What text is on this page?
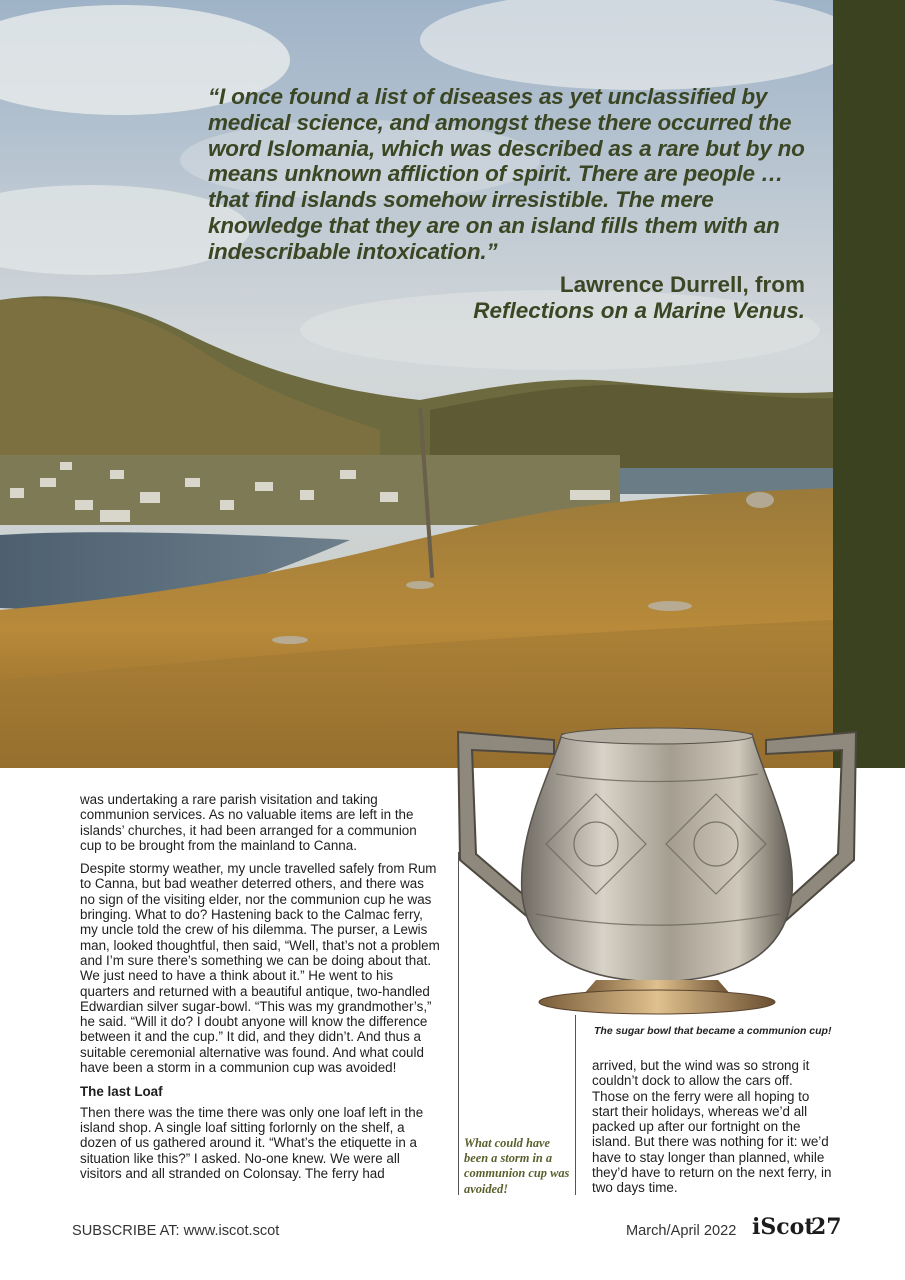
“I once found a list of diseases as yet unclassified by medical science, and amongst these there occurred the word Islomania, which was described as a rare but by no means unknown affliction of spirit. There are people … that find islands somehow irresistible. The mere knowledge that they are on an island fills them with an indescribable intoxication.”

Lawrence Durrell, from
Reflections on a Marine Venus.
The sugar bowl that became a communion cup!

was undertaking a rare parish visitation and taking communion services. As no valuable items are left in the islands’ churches, it had been arranged for a communion cup to be brought from the mainland to Canna.

Despite stormy weather, my uncle travelled safely from Rum to Canna, but bad weather deterred others, and there was no sign of the visiting elder, nor the communion cup he was bringing. What to do? Hastening back to the Calmac ferry, my uncle told the crew of his dilemma. The purser, a Lewis man, looked thoughtful, then said, “Well, that’s not a problem and I’m sure there’s something we can be doing about that. We just need to have a think about it.” He went to his quarters and returned with a beautiful antique, two-handled Edwardian silver sugar-bowl. “This was my grandmother’s,” he said. “Will it do? I doubt anyone will know the difference between it and the cup.” It did, and they didn’t. And thus a suitable ceremonial alternative was found. And what could have been a storm in a communion cup was avoided!

The last Loaf

Then there was the time there was only one loaf left in the island shop. A single loaf sitting forlornly on the shelf, a dozen of us gathered around it. “What’s the etiquette in a situation like this?” I asked. No-one knew. We were all visitors and all stranded on Colonsay. The ferry had

What could have been a storm in a communion cup was avoided!

arrived, but the wind was so strong it couldn’t dock to allow the cars off. Those on the ferry were all hoping to start their holidays, whereas we’d all packed up after our fortnight on the island. But there was nothing for it: we’d have to stay longer than planned, while they’d have to return on the next ferry, in two days time.

SUBSCRIBE AT: www.iscot.scot	March/April 2022 iScot
27
